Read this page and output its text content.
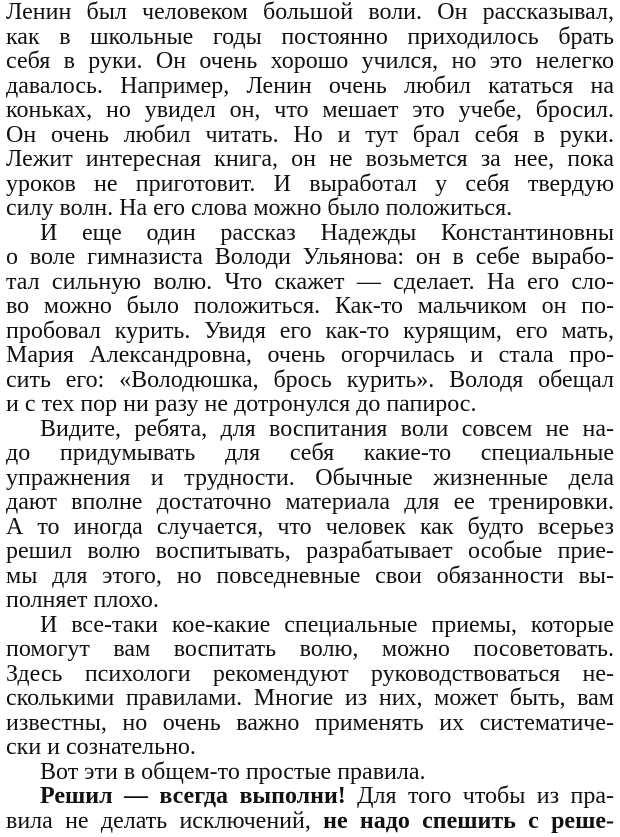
Ленин был человеком большой воли. Он рассказывал,
как в школьные годы постоянно приходилось брать
себя в руки. Он очень хорошо учился, но это нелегко
давалось. Например, Ленин очень любил кататься на
коньках, но увидел он, что мешает это учебе, бросил.
Он очень любил читать. Но и тут брал себя в руки.
Лежит интересная книга, он не возьмется за нее, пока
уроков не приготовит. И выработал у себя твердую
силу волн. На его слова можно было положиться.
И еще один рассказ Надежды Константиновны
о воле гимназиста Володи Ульянова: он в себе вырабо-
тал сильную волю. Что скажет — сделает. На его сло-
во можно было положиться. Как-то мальчиком он по-
пробовал курить. Увидя его как-то курящим, его мать,
Мария Александровна, очень огорчилась и стала про-
сить его: «Володюшка, брось курить». Володя обещал
и с тех пор ни разу не дотронулся до папирос.
Видите, ребята, для воспитания воли совсем не на-
до придумывать для себя какие-то специальные
упражнения и трудности. Обычные жизненные дела
дают вполне достаточно материала для ее тренировки.
А то иногда случается, что человек как будто всерьез
решил волю воспитывать, разрабатывает особые прие-
мы для этого, но повседневные свои обязанности вы-
полняет плохо.
И все-таки кое-какие специальные приемы, которые
помогут вам воспитать волю, можно посоветовать.
Здесь психологи рекомендуют руководствоваться не-
сколькими правилами. Многие из них, может быть, вам
известны, но очень важно применять их систематиче-
ски и сознательно.
Вот эти в общем-то простые правила.
Решил — всегда выполни! Для того чтобы из пра-
вила не делать исключений, не надо спешить с реше-
